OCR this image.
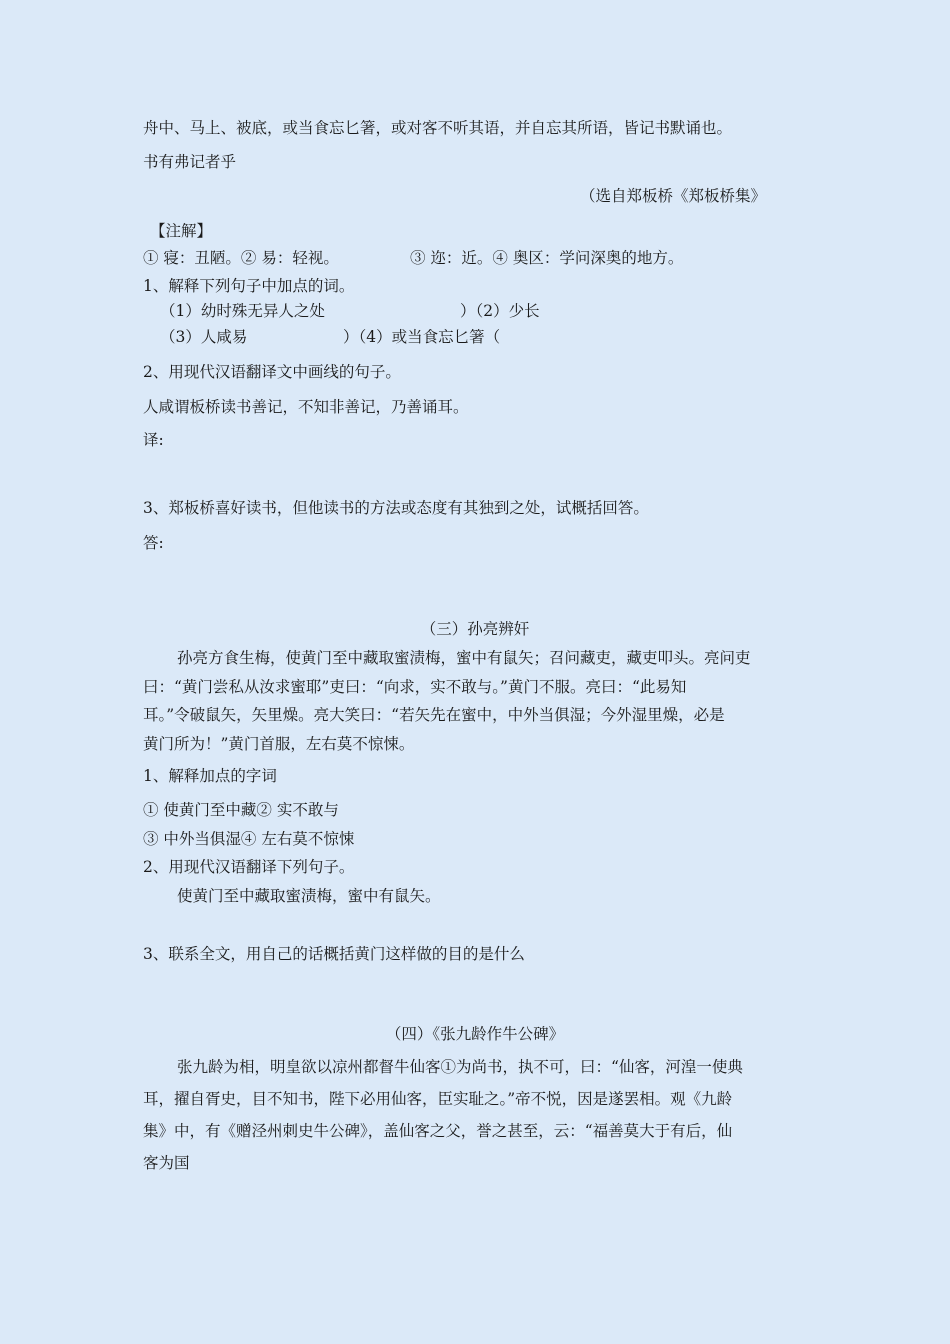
舟中、马上、被底，或当食忘匕箸，或对客不听其语，并自忘其所语，皆记书默诵也。
书有弗记者乎
（选自郑板桥《郑板桥集》
【注解】
① 寝：丑陋。② 易：轻视。	③ 迩：近。④ 奥区：学问深奥的地方。
1、解释下列句子中加点的词。
（1）幼时殊无异人之处	）（2）少长
（3）人咸易	）（4）或当食忘匕箸（
2、用现代汉语翻译文中画线的句子。
人咸谓板桥读书善记，不知非善记，乃善诵耳。
译:
3、郑板桥喜好读书，但他读书的方法或态度有其独到之处，试概括回答。
答:
（三）孙亮辨奸
孙亮方食生梅，使黄门至中藏取蜜渍梅，蜜中有鼠矢；召问藏吏，藏吏叩头。亮问吏
曰：“黄门尝私从汝求蜜耶”吏曰：“向求，实不敢与。”黄门不服。亮曰：“此易知
耳。”令破鼠矢，矢里燥。亮大笑曰：“若矢先在蜜中，中外当俱湿；今外湿里燥，必是
黄门所为！”黄门首服，左右莫不惊悚。
1、解释加点的字词
① 使黄门至中藏② 实不敢与
③ 中外当俱湿④ 左右莫不惊悚
2、用现代汉语翻译下列句子。
使黄门至中藏取蜜渍梅，蜜中有鼠矢。
3、联系全文，用自己的话概括黄门这样做的目的是什么
（四）《张九龄作牛公碑》
张九龄为相，明皇欲以凉州都督牛仙客①为尚书，执不可，曰：“仙客，河湟一使典
耳，擢自胥史，目不知书，陛下必用仙客，臣实耻之。”帝不悦，因是遂罢相。观《九龄
集》中，有《赠泾州刺史牛公碑》，盖仙客之父，誉之甚至，云：“福善莫大于有后，仙
客为国
